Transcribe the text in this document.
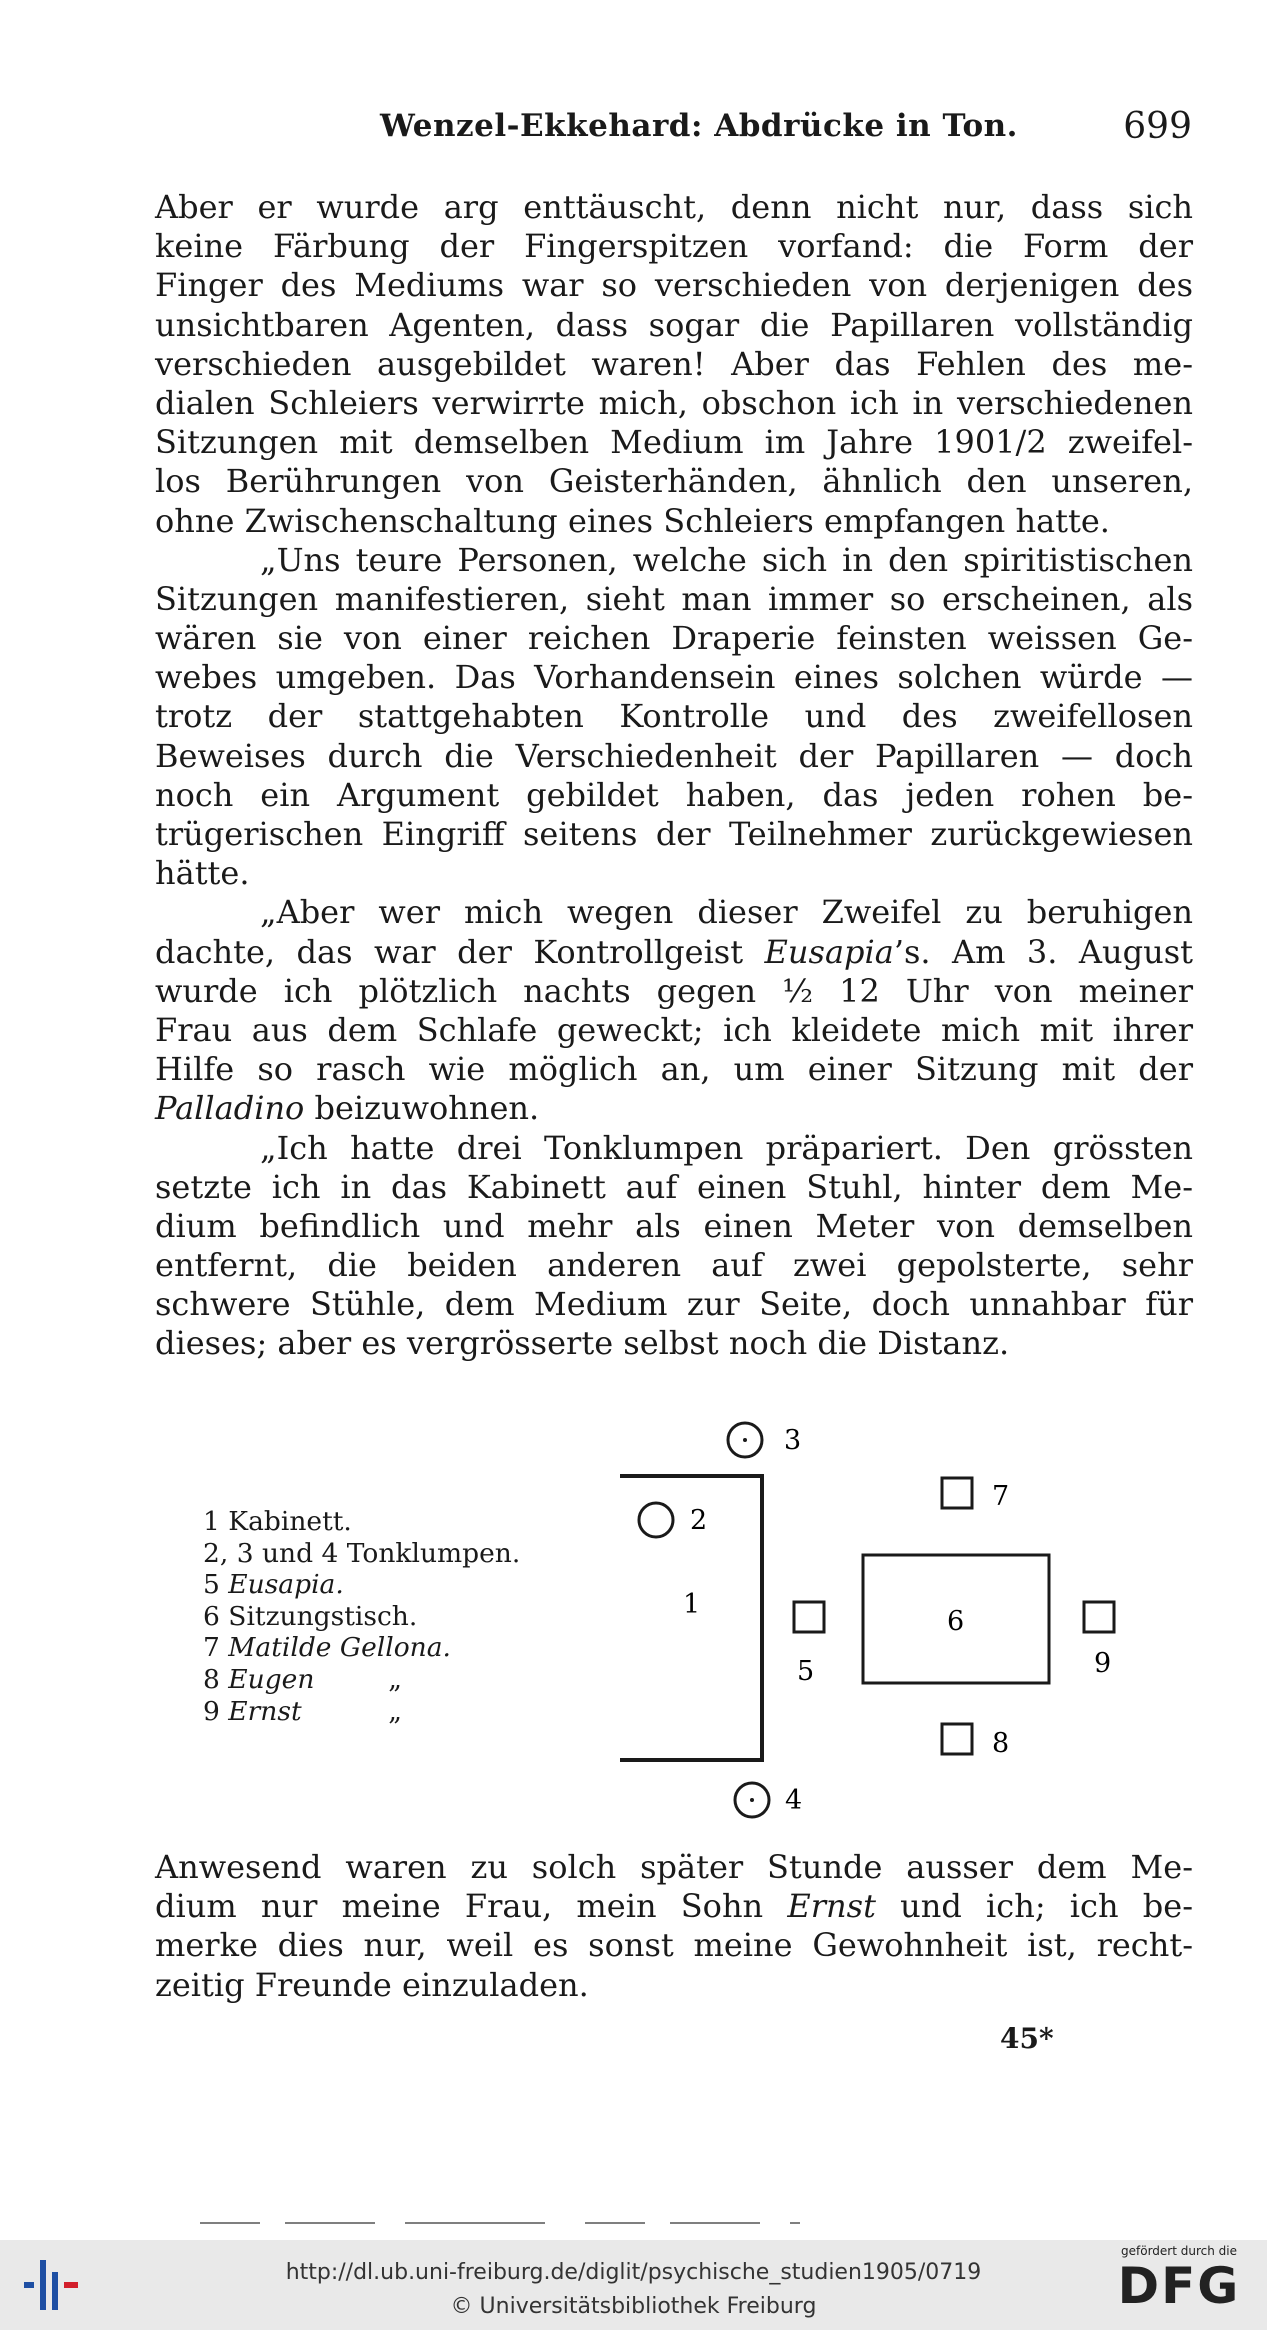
Wenzel-Ekkehard: Abdrücke in Ton.	699
Aber er wurde arg enttäuscht, denn nicht nur, dass sich
keine Färbung der Fingerspitzen vorfand: die Form der
Finger des Mediums war so verschieden von derjenigen des
unsichtbaren Agenten, dass sogar die Papillaren vollständig
verschieden ausgebildet waren! Aber das Fehlen des me-
dialen Schleiers verwirrte mich, obschon ich in verschiedenen
Sitzungen mit demselben Medium im Jahre 1901/2 zweifel-
los Berührungen von Geisterhänden, ähnlich den unseren,
ohne Zwischenschaltung eines Schleiers empfangen hatte.
„Uns teure Personen, welche sich in den spiritistischen
Sitzungen manifestieren, sieht man immer so erscheinen, als
wären sie von einer reichen Draperie feinsten weissen Ge-
webes umgeben. Das Vorhandensein eines solchen würde —
trotz der stattgehabten Kontrolle und des zweifellosen
Beweises durch die Verschiedenheit der Papillaren — doch
noch ein Argument gebildet haben, das jeden rohen be-
trügerischen Eingriff seitens der Teilnehmer zurückgewiesen
hätte.
„Aber wer mich wegen dieser Zweifel zu beruhigen
dachte, das war der Kontrollgeist Eusapia’s. Am 3. August
wurde ich plötzlich nachts gegen ½ 12 Uhr von meiner
Frau aus dem Schlafe geweckt; ich kleidete mich mit ihrer
Hilfe so rasch wie möglich an, um einer Sitzung mit der
Palladino beizuwohnen.
„Ich hatte drei Tonklumpen präpariert. Den grössten
setzte ich in das Kabinett auf einen Stuhl, hinter dem Me-
dium befindlich und mehr als einen Meter von demselben
entfernt, die beiden anderen auf zwei gepolsterte, sehr
schwere Stühle, dem Medium zur Seite, doch unnahbar für
dieses; aber es vergrösserte selbst noch die Distanz.
1 Kabinett.
2, 3 und 4 Tonklumpen.
5 Eusapia.
6 Sitzungstisch.
7 Matilde Gellona.
8 Eugen	„
9 Ernst	„
3
2
1
5
6
7
8
9
4
Anwesend waren zu solch später Stunde ausser dem Me-
dium nur meine Frau, mein Sohn Ernst und ich; ich be-
merke dies nur, weil es sonst meine Gewohnheit ist, recht-
zeitig Freunde einzuladen.
45*
http://dl.ub.uni-freiburg.de/diglit/psychische_studien1905/0719
© Universitätsbibliothek Freiburg
gefördert durch die
DFG
